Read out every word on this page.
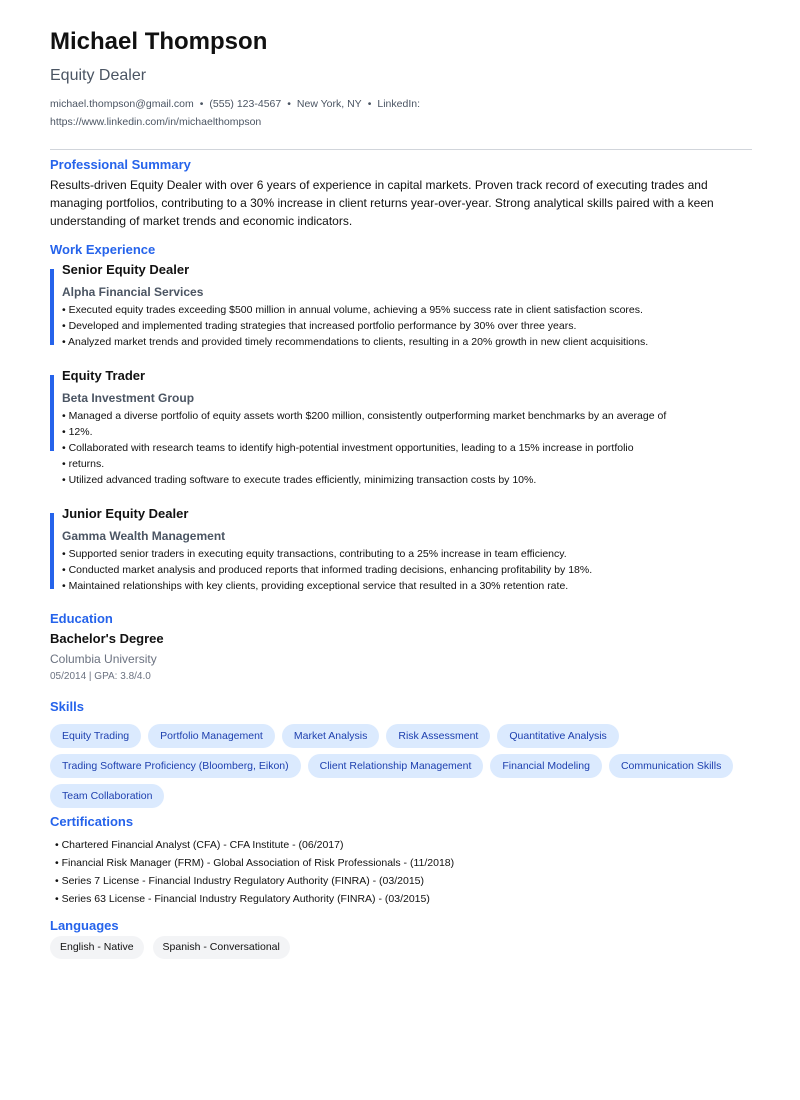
Michael Thompson
Equity Dealer
michael.thompson@gmail.com • (555) 123-4567 • New York, NY • LinkedIn:
https://www.linkedin.com/in/michaelthompson
Professional Summary
Results-driven Equity Dealer with over 6 years of experience in capital markets. Proven track record of executing trades and managing portfolios, contributing to a 30% increase in client returns year-over-year. Strong analytical skills paired with a keen understanding of market trends and economic indicators.
Work Experience
Senior Equity Dealer
Alpha Financial Services
• Executed equity trades exceeding $500 million in annual volume, achieving a 95% success rate in client satisfaction scores.
• Developed and implemented trading strategies that increased portfolio performance by 30% over three years.
• Analyzed market trends and provided timely recommendations to clients, resulting in a 20% growth in new client acquisitions.
Equity Trader
Beta Investment Group
• Managed a diverse portfolio of equity assets worth $200 million, consistently outperforming market benchmarks by an average of
• 12%.
• Collaborated with research teams to identify high-potential investment opportunities, leading to a 15% increase in portfolio
• returns.
• Utilized advanced trading software to execute trades efficiently, minimizing transaction costs by 10%.
Junior Equity Dealer
Gamma Wealth Management
• Supported senior traders in executing equity transactions, contributing to a 25% increase in team efficiency.
• Conducted market analysis and produced reports that informed trading decisions, enhancing profitability by 18%.
• Maintained relationships with key clients, providing exceptional service that resulted in a 30% retention rate.
Education
Bachelor's Degree
Columbia University
05/2014 | GPA: 3.8/4.0
Skills
Equity Trading	Portfolio Management	Market Analysis	Risk Assessment	Quantitative Analysis
Trading Software Proficiency (Bloomberg, Eikon)	Client Relationship Management	Financial Modeling	Communication Skills
Team Collaboration
Certifications
• Chartered Financial Analyst (CFA) - CFA Institute - (06/2017)
• Financial Risk Manager (FRM) - Global Association of Risk Professionals - (11/2018)
• Series 7 License - Financial Industry Regulatory Authority (FINRA) - (03/2015)
• Series 63 License - Financial Industry Regulatory Authority (FINRA) - (03/2015)
Languages
English - Native	Spanish - Conversational
